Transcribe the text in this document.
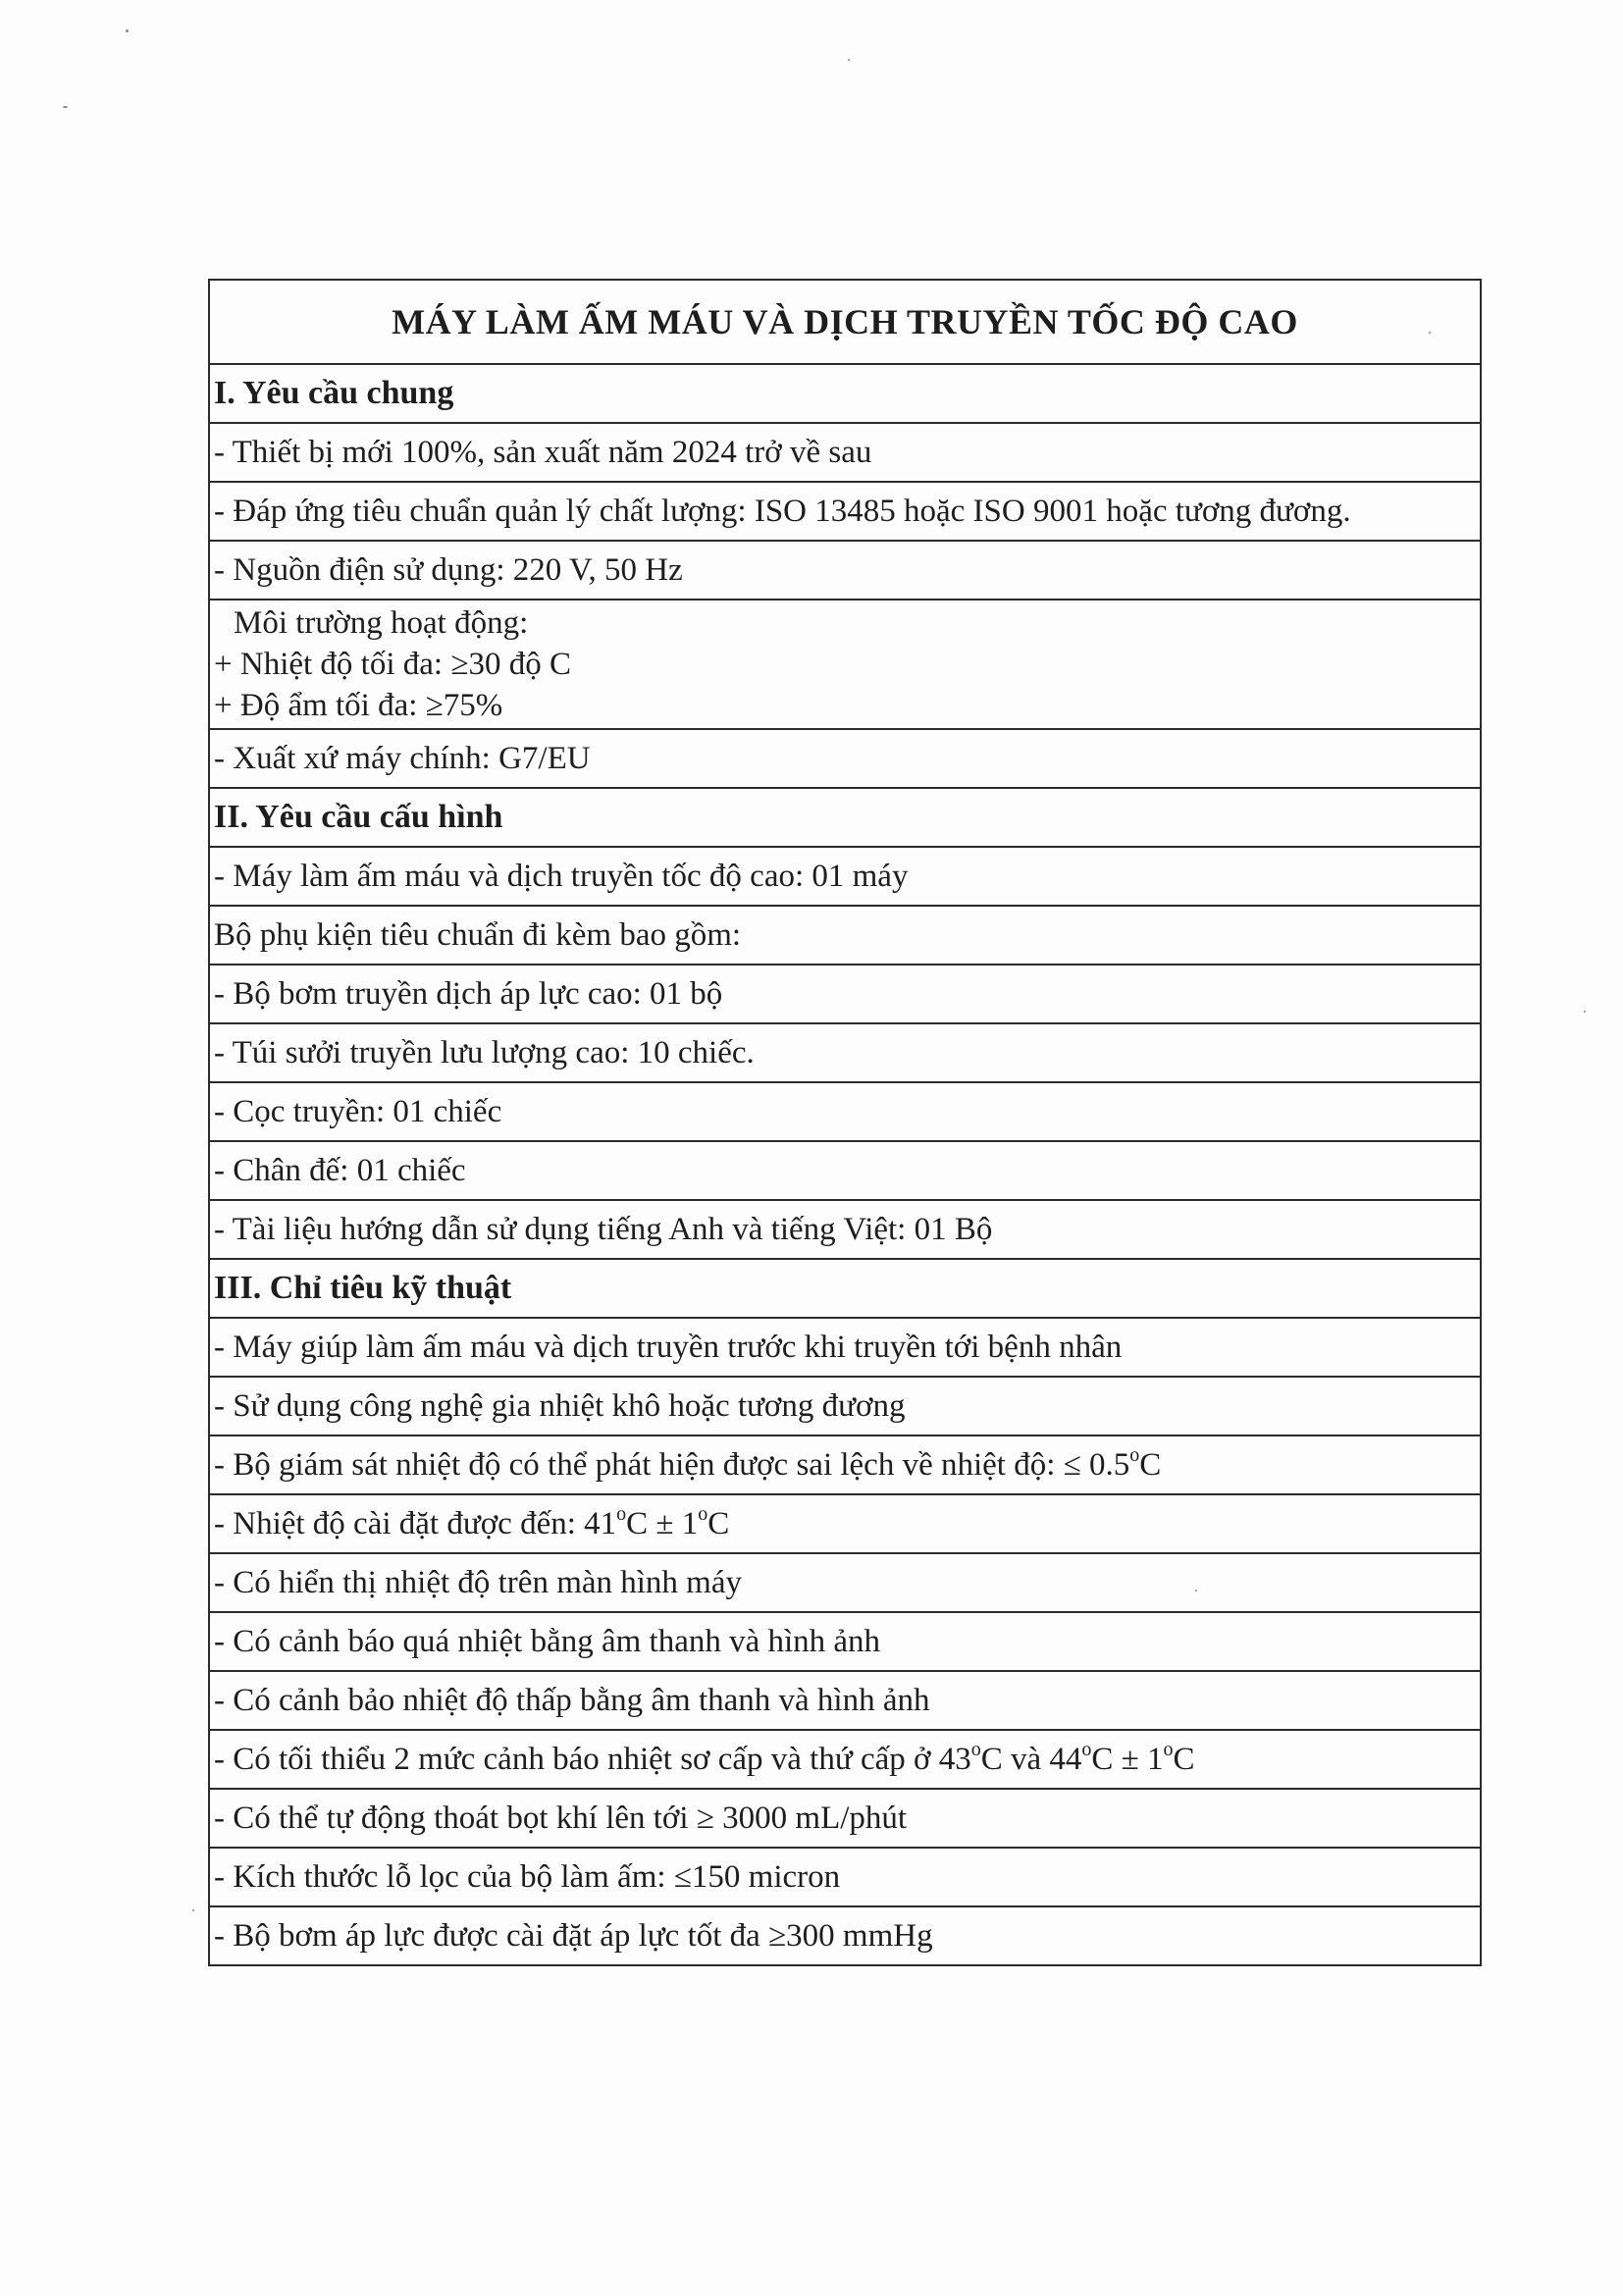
MÁY LÀM ẤM MÁU VÀ DỊCH TRUYỀN TỐC ĐỘ CAO
I. Yêu cầu chung
- Thiết bị mới 100%, sản xuất năm 2024 trở về sau
- Đáp ứng tiêu chuẩn quản lý chất lượng: ISO 13485 hoặc ISO 9001 hoặc tương đương.
- Nguồn điện sử dụng: 220 V, 50 Hz

Môi trường hoạt động:
+ Nhiệt độ tối đa: ≥30 độ C
+ Độ ẩm tối đa: ≥75%

- Xuất xứ máy chính: G7/EU
II. Yêu cầu cấu hình
- Máy làm ấm máu và dịch truyền tốc độ cao: 01 máy
Bộ phụ kiện tiêu chuẩn đi kèm bao gồm:
- Bộ bơm truyền dịch áp lực cao: 01 bộ
- Túi sưởi truyền lưu lượng cao: 10 chiếc.
- Cọc truyền: 01 chiếc
- Chân đế: 01 chiếc
- Tài liệu hướng dẫn sử dụng tiếng Anh và tiếng Việt: 01 Bộ
III. Chỉ tiêu kỹ thuật
- Máy giúp làm ấm máu và dịch truyền trước khi truyền tới bệnh nhân
- Sử dụng công nghệ gia nhiệt khô hoặc tương đương
- Bộ giám sát nhiệt độ có thể phát hiện được sai lệch về nhiệt độ: ≤ $0.5^oC$
- Nhiệt độ cài đặt được đến: $41^oC \pm 1^oC$
- Có hiển thị nhiệt độ trên màn hình máy
- Có cảnh báo quá nhiệt bằng âm thanh và hình ảnh
- Có cảnh bảo nhiệt độ thấp bằng âm thanh và hình ảnh
- Có tối thiểu 2 mức cảnh báo nhiệt sơ cấp và thứ cấp ở 43$^o$C và $44^oC \pm 1^oC$
- Có thể tự động thoát bọt khí lên tới ≥ 3000 mL/phút
- Kích thước lỗ lọc của bộ làm ấm: ≤150 micron
- Bộ bơm áp lực được cài đặt áp lực tốt đa ≥300 mmHg
